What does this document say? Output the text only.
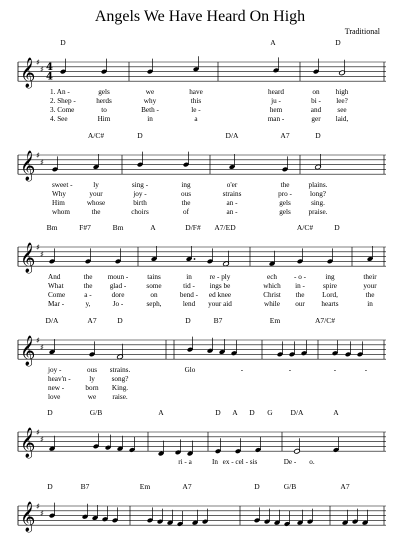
Angels We Have Heard On High
Traditional
𝄞 ♯
♯ 4
4
𝄞 ♯
♯
𝄞 ♯
♯
𝄞 ♯
♯
𝄞 ♯
♯
𝄞 ♯
♯
D	A	D
1. An -	gels	we	have	heard	on high
2. Shep -	herds	why	this	ju -	bi - lee?
3. Come	to	Beth -	le -	hem	and see
4. See	Him	in	a	man -	ger laid,
A/C#	D	D/A	A7	D
sweet -	ly	sing -	ing	o'er	the	plains.
Why	your	joy -	ous	strains	pro -	long?
Him	whose	birth	the	an -	gels	sing.
whom	the	choirs	of	an -	gels praise.
Bm	F#7	Bm	A	D/F# A7/ED	A/C#	D
And	the moun -	tains	in re - ply	ech - o -	ing	their
What	the glad -	some	tid - ings be	which in -	spire	your
Come	a -	dore	on	bend - ed knee	Christ the Lord,	the
Mar -	y,	Jo -	seph,	lend your aid	while our hearts	in
D/A	A7	D	D	B7	Em	A7/C#
joy -	ous strains.	Glo	-	-	-	-
heav'n -	ly song?
new -	born King.
love	we raise.
D	G/B	A	D A D G D/A	A
ri - a	In ex - cel - sis	De - o.
D	B7	Em	A7	D	G/B	A7
